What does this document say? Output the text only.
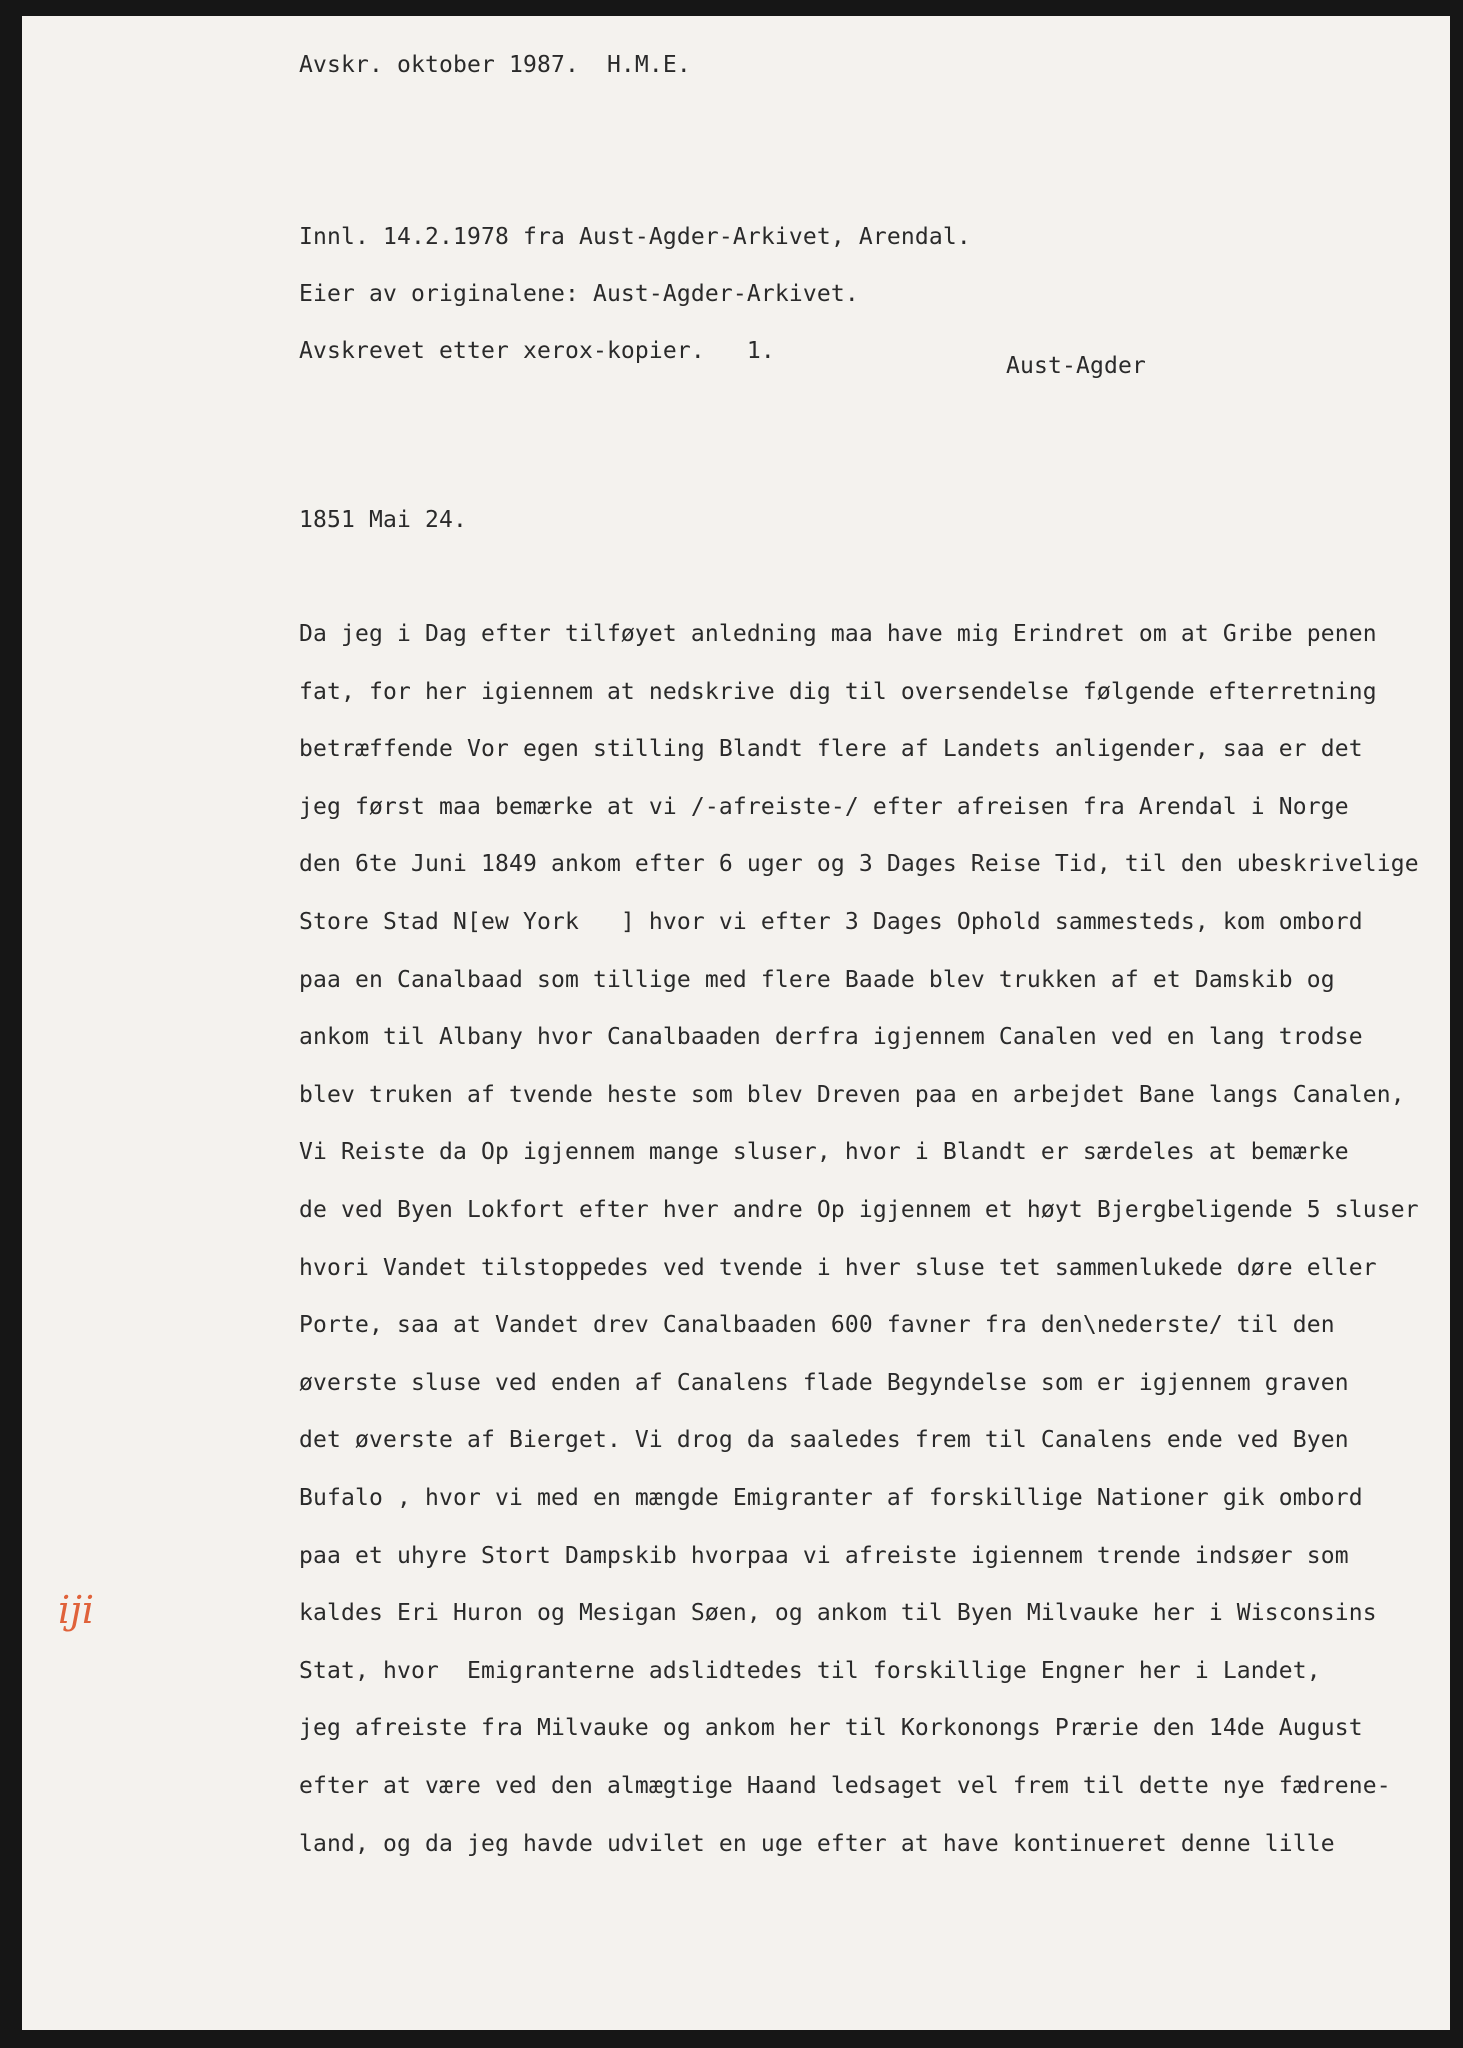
Avskr. oktober 1987.  H.M.E.
Innl. 14.2.1978 fra Aust-Agder-Arkivet, Arendal.
Eier av originalene: Aust-Agder-Arkivet.
Avskrevet etter xerox-kopier.   1.
Aust-Agder
1851 Mai 24.
Da jeg i Dag efter tilføyet anledning maa have mig Erindret om at Gribe penen
fat, for her igiennem at nedskrive dig til oversendelse følgende efterretning
betræffende Vor egen stilling Blandt flere af Landets anligender, saa er det
jeg først maa bemærke at vi /-afreiste-/ efter afreisen fra Arendal i Norge
den 6te Juni 1849 ankom efter 6 uger og 3 Dages Reise Tid, til den ubeskrivelige
Store Stad N[ew York   ] hvor vi efter 3 Dages Ophold sammesteds, kom ombord
paa en Canalbaad som tillige med flere Baade blev trukken af et Damskib og
ankom til Albany hvor Canalbaaden derfra igjennem Canalen ved en lang trodse
blev truken af tvende heste som blev Dreven paa en arbejdet Bane langs Canalen,
Vi Reiste da Op igjennem mange sluser, hvor i Blandt er særdeles at bemærke
de ved Byen Lokfort efter hver andre Op igjennem et høyt Bjergbeligende 5 sluser
hvori Vandet tilstoppedes ved tvende i hver sluse tet sammenlukede døre eller
Porte, saa at Vandet drev Canalbaaden 600 favner fra den\nederste/ til den
øverste sluse ved enden af Canalens flade Begyndelse som er igjennem graven
det øverste af Bierget. Vi drog da saaledes frem til Canalens ende ved Byen
Bufalo , hvor vi med en mængde Emigranter af forskillige Nationer gik ombord
paa et uhyre Stort Dampskib hvorpaa vi afreiste igiennem trende indsøer som
kaldes Eri Huron og Mesigan Søen, og ankom til Byen Milvauke her i Wisconsins
Stat, hvor  Emigranterne adslidtedes til forskillige Engner her i Landet,
jeg afreiste fra Milvauke og ankom her til Korkonongs Prærie den 14de August
efter at være ved den almægtige Haand ledsaget vel frem til dette nye fædrene-
land, og da jeg havde udvilet en uge efter at have kontinueret denne lille
iji
